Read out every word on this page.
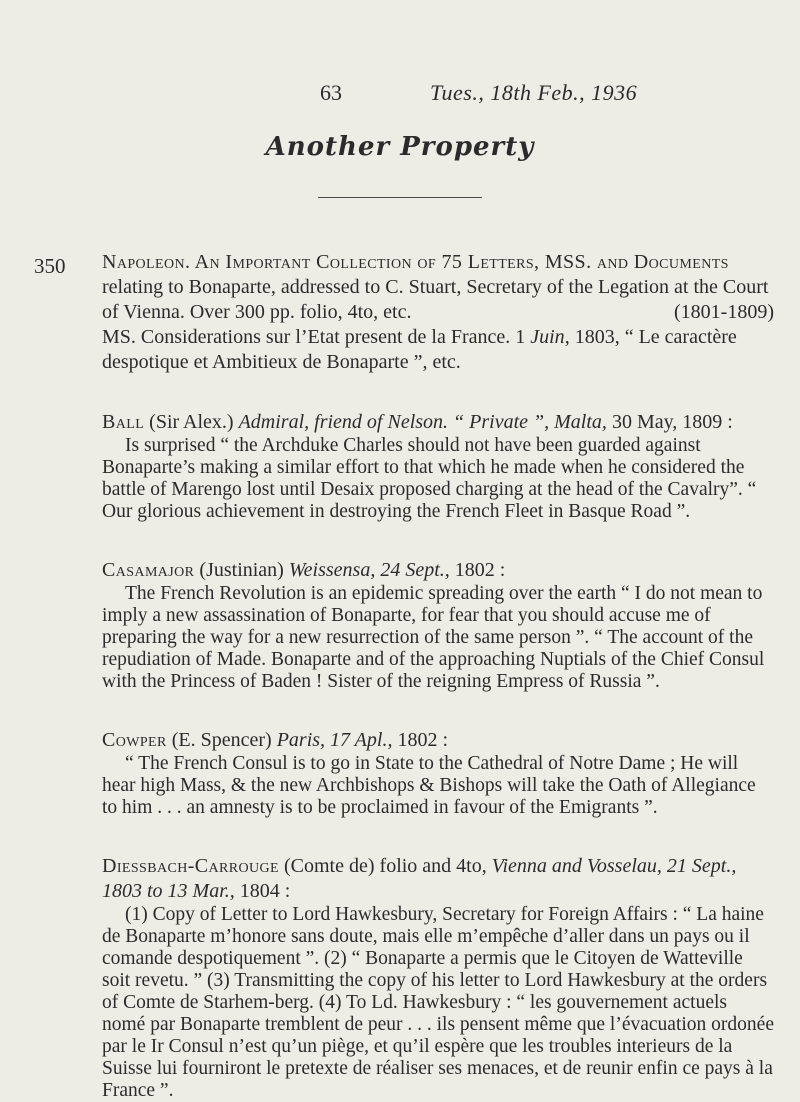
63	Tues., 18th Feb., 1936
Another Property
350 Napoleon. An Important Collection of 75 Letters, MSS. and Documents relating to Bonaparte, addressed to C. Stuart, Secretary of the Legation at the Court of Vienna. Over 300 pp. folio, 4to, etc.	(1801-1809)

MS. Considerations sur l’Etat present de la France. 1 Juin, 1803, “ Le caractère despotique et Ambitieux de Bonaparte ”, etc.

Ball (Sir Alex.) Admiral, friend of Nelson. “ Private ”, Malta, 30 May, 1809 :

Is surprised “ the Archduke Charles should not have been guarded against Bonaparte’s making a similar effort to that which he made when he considered the battle of Marengo lost until Desaix proposed charging at the head of the Cavalry”. “ Our glorious achievement in destroying the French Fleet in Basque Road ”.

Casamajor (Justinian) Weissensa, 24 Sept., 1802 :

The French Revolution is an epidemic spreading over the earth “ I do not mean to imply a new assassination of Bonaparte, for fear that you should accuse me of preparing the way for a new resurrection of the same person ”. “ The account of the repudiation of Made. Bonaparte and of the approaching Nuptials of the Chief Consul with the Princess of Baden ! Sister of the reigning Empress of Russia ”.

Cowper (E. Spencer) Paris, 17 Apl., 1802 :

“ The French Consul is to go in State to the Cathedral of Notre Dame ; He will hear high Mass, & the new Archbishops & Bishops will take the Oath of Allegiance to him . . . an amnesty is to be proclaimed in favour of the Emigrants ”.

Diessbach-Carrouge (Comte de) folio and 4to, Vienna and Vosselau, 21 Sept., 1803 to 13 Mar., 1804 :

(1) Copy of Letter to Lord Hawkesbury, Secretary for Foreign Affairs : “ La haine de Bonaparte m’honore sans doute, mais elle m’empêche d’aller dans un pays ou il comande despotiquement ”. (2) “ Bonaparte a permis que le Citoyen de Watteville soit revetu. ” (3) Transmitting the copy of his letter to Lord Hawkesbury at the orders of Comte de Starhem-berg. (4) To Ld. Hawkesbury : “ les gouvernement actuels nomé par Bonaparte tremblent de peur . . . ils pensent même que l’évacuation ordonée par le Ir Consul n’est qu’un piège, et qu’il espère que les troubles interieurs de la Suisse lui fourniront le pretexte de réaliser ses menaces, et de reunir enfin ce pays à la France ”.
